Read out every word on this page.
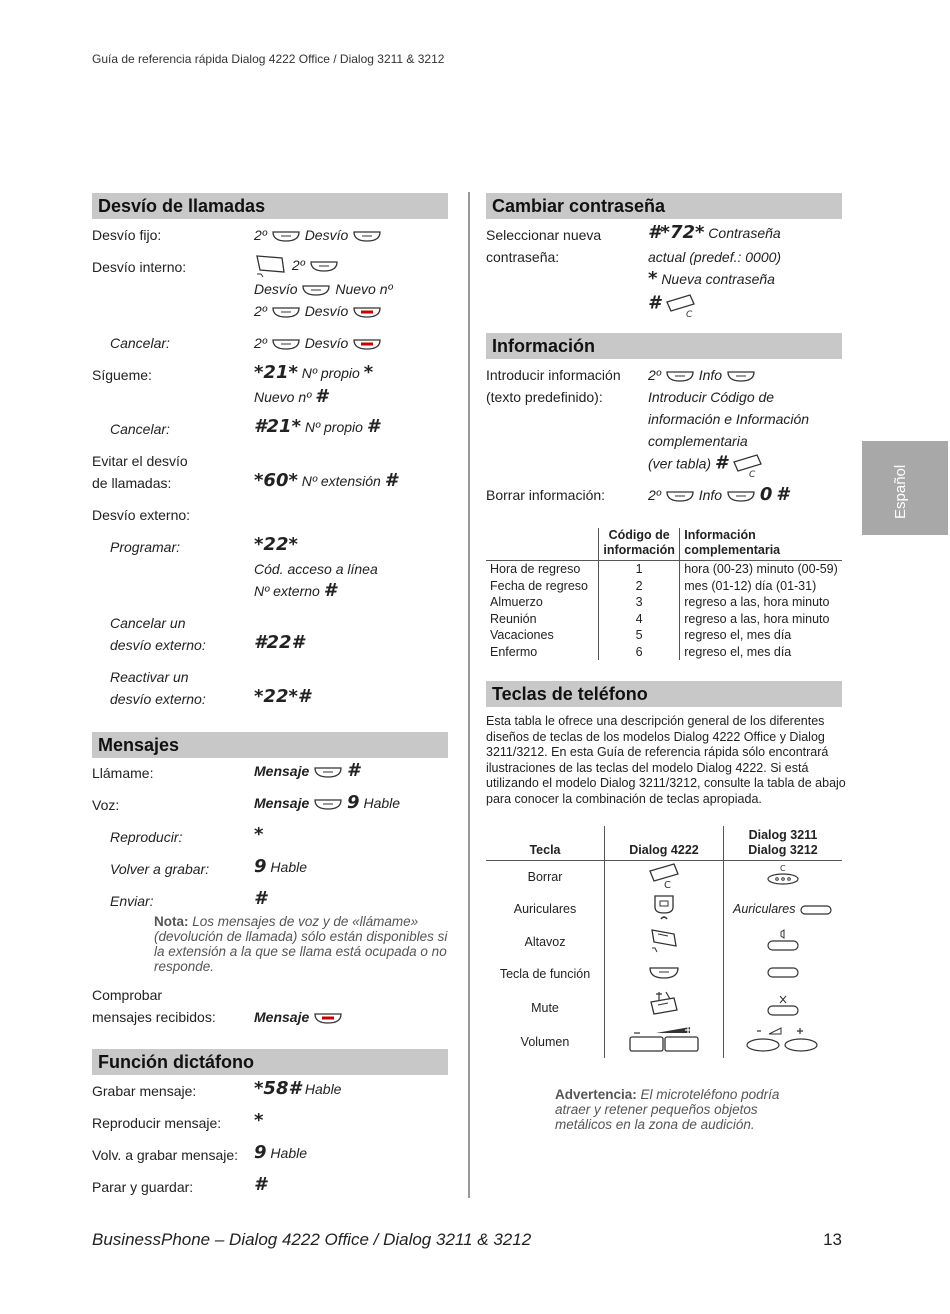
Guía de referencia rápida Dialog 4222 Office / Dialog 3211 & 3212
Español
Desvío de llamadas
Desvío fijo:	2º	Desvío
Desvío interno:	2º
Desvío	Nuevo nº
2º	Desvío
Cancelar:	2º	Desvío
Sígueme:	*21* Nº propio *
Nuevo nº #
Cancelar:	#21* Nº propio #
Evitar el desvío
de llamadas:	*60* Nº extensión #
Desvío externo:
Programar:	*22*
Cód. acceso a línea
Nº externo #
Cancelar un
desvío externo:	#22#
Reactivar un
desvío externo:	*22*#
Mensajes
Llámame:	Mensaje #
Voz:	Mensaje 9 Hable
Reproducir:	*
Volver a grabar: 9 Hable
Enviar:	#
Nota: Los mensajes de voz y de «llámame» (devolución de llamada) sólo están disponibles si la extensión a la que se llama está ocupada o no responde.
Comprobar
mensajes recibidos:	Mensaje
Función dictáfono
Grabar mensaje:	*58# Hable
Reproducir mensaje: *
Volv. a grabar mensaje: 9 Hable
Parar y guardar:	#
Cambiar contraseña
Seleccionar nueva
contraseña:
#*72* Contraseña
actual (predef.: 0000)
* Nueva contraseña
#
C
Información
Introducir información
(texto predefinido):
2º	Info
Introducir Código de
información e Información
complementaria
(ver tabla) #
C
Borrar información:	2º	Info 0 #
	Código de información	Información complementaria
Hora de regreso	1	hora (00-23) minuto (00-59)
Fecha de regreso	2	mes (01-12) día (01-31)
Almuerzo	3	regreso a las, hora minuto
Reunión	4	regreso a las, hora minuto
Vacaciones	5	regreso el, mes día
Enfermo	6	regreso el, mes día
Teclas de teléfono
Esta tabla le ofrece una descripción general de los diferentes diseños de teclas de los modelos Dialog 4222 Office y Dialog 3211/3212. En esta Guía de referencia rápida sólo encontrará ilustraciones de las teclas del modelo Dialog 4222. Si está utilizando el modelo Dialog 3211/3212, consulte la tabla de abajo para conocer la combinación de teclas apropiada.
Tecla	Dialog 4222	Dialog 3211
Dialog 3212
Borrar	C	C

Auriculares		Auriculares
Altavoz		
Tecla de función		
Mute		
Volumen		
Advertencia: El microteléfono podría atraer y retener pequeños objetos metálicos en la zona de audición.
BusinessPhone – Dialog 4222 Office / Dialog 3211 & 3212	13
